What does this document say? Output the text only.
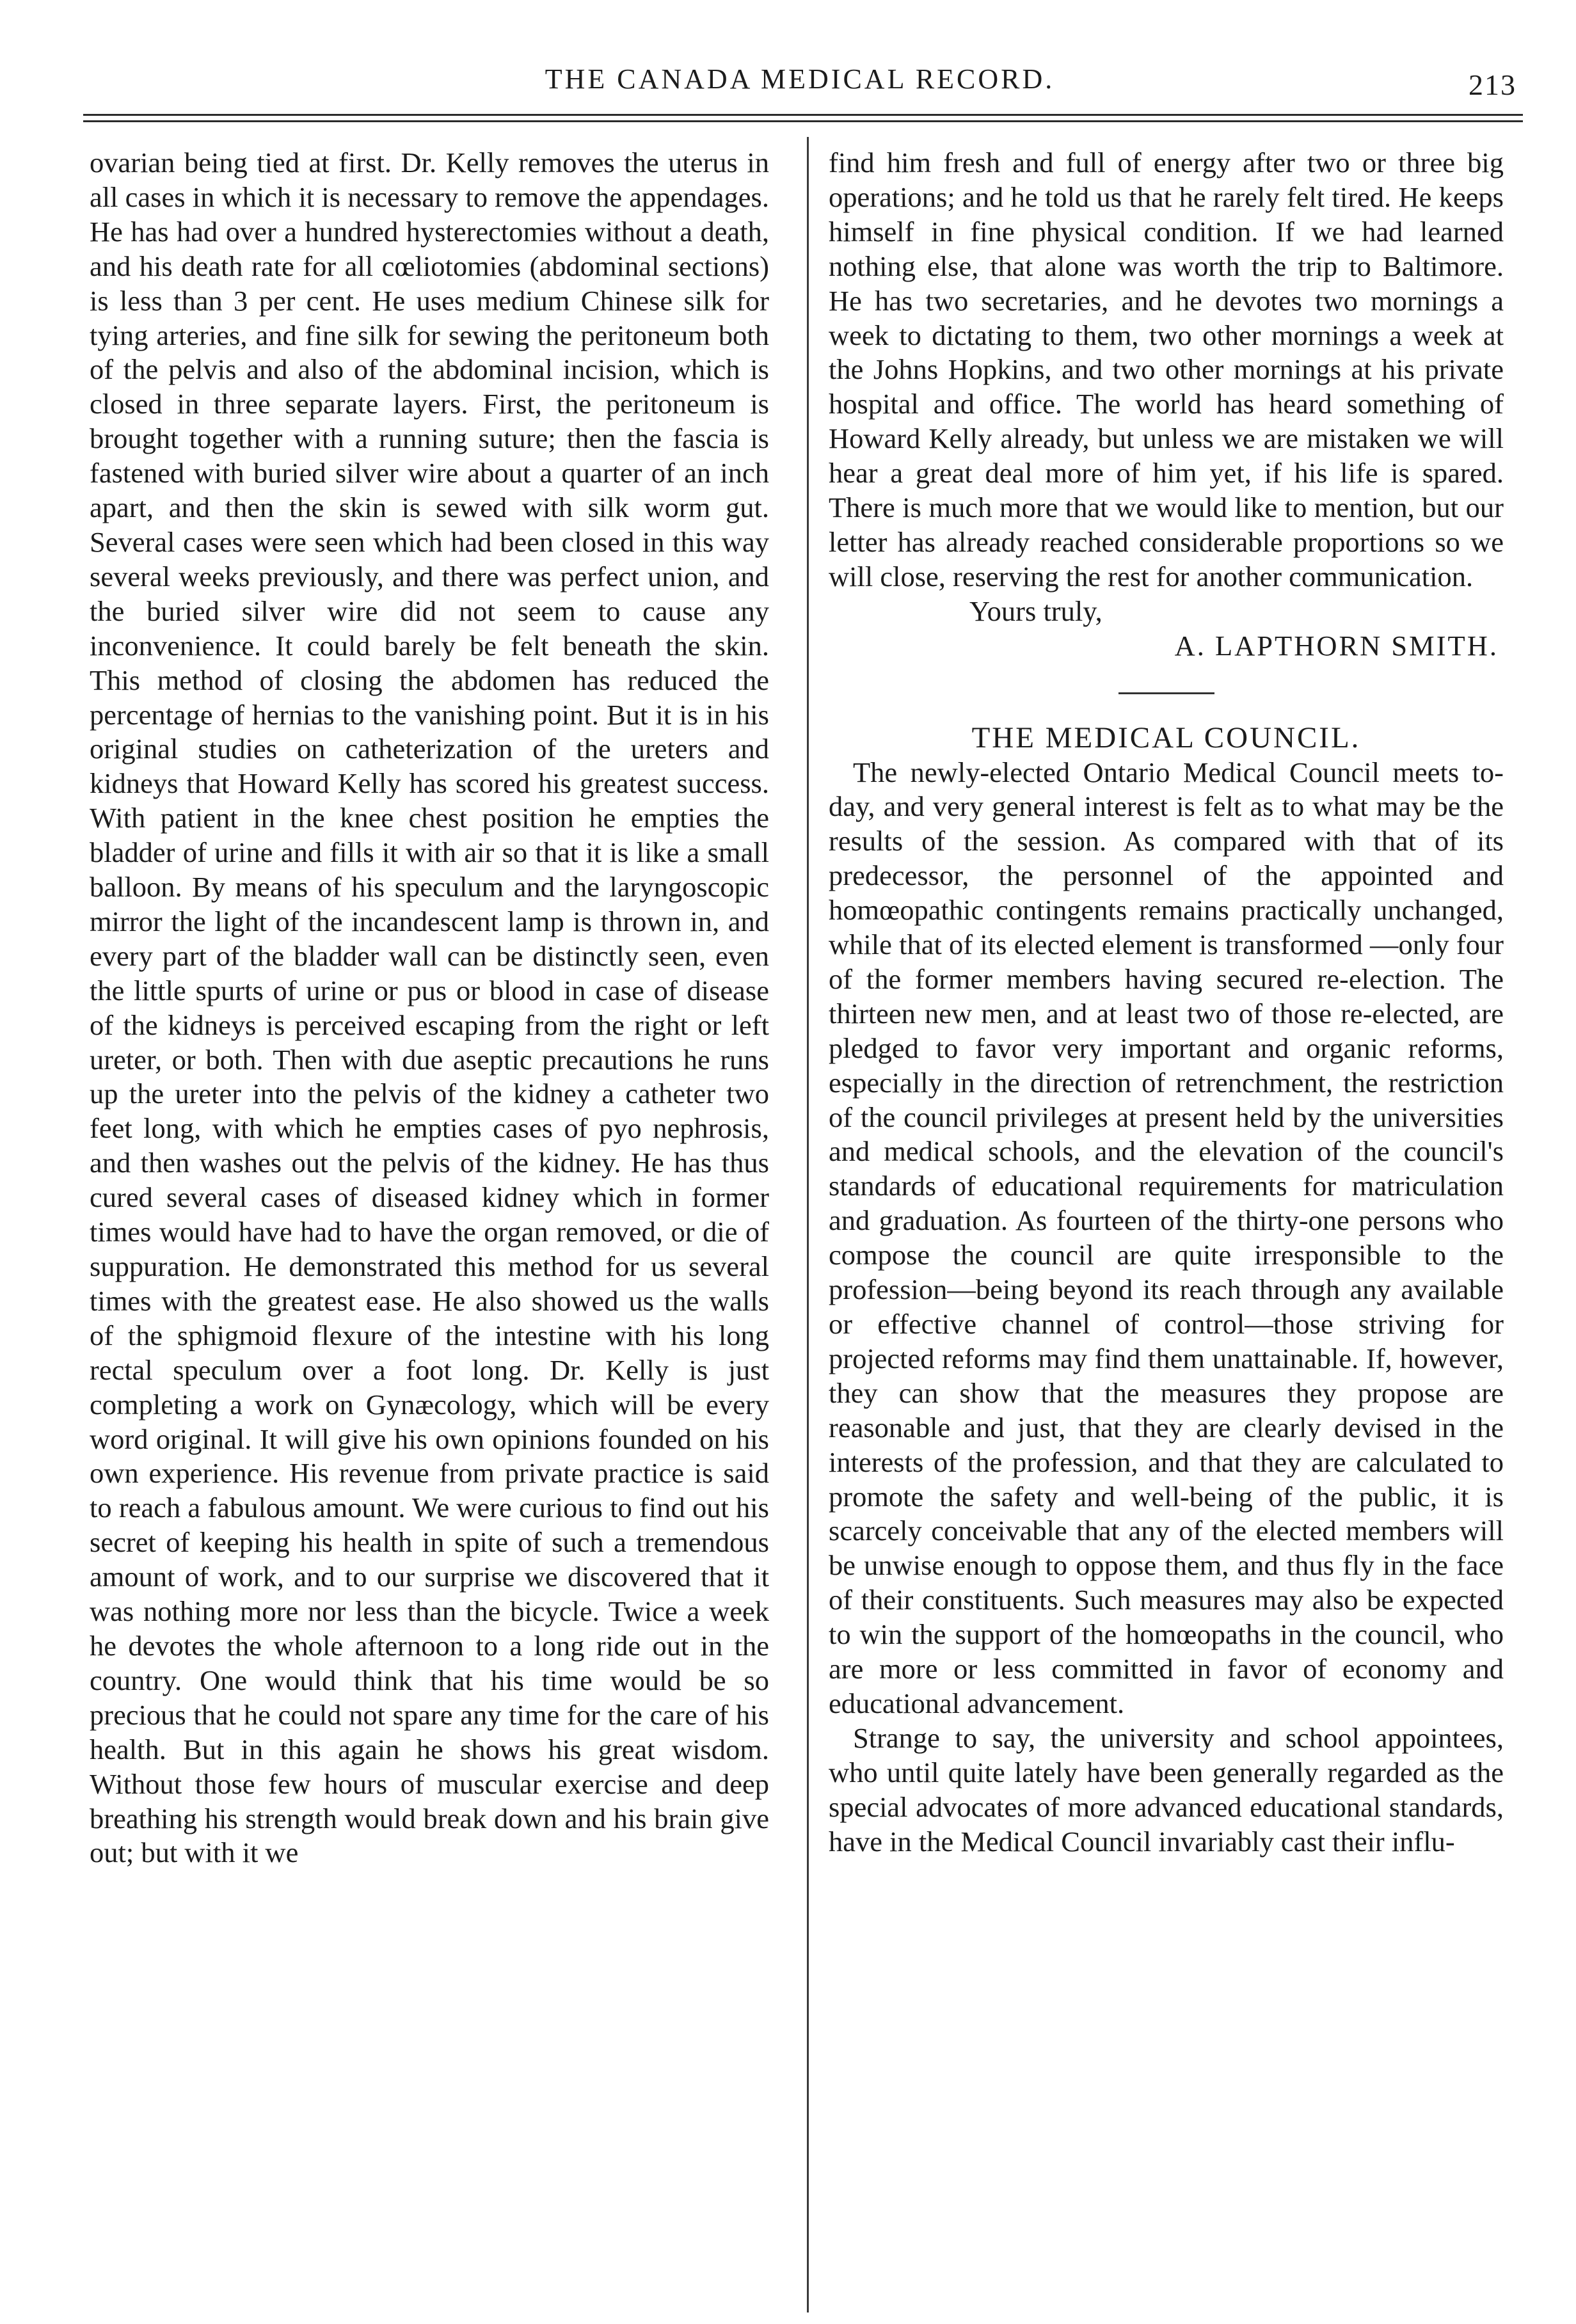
THE CANADA MEDICAL RECORD.	213

ovarian being tied at first. Dr. Kelly removes the uterus in all cases in which it is necessary to remove the appendages. He has had over a hundred hysterectomies without a death, and his death rate for all cœliotomies (abdominal sections) is less than 3 per cent. He uses medium Chinese silk for tying arteries, and fine silk for sewing the peritoneum both of the pelvis and also of the abdominal incision, which is closed in three separate layers. First, the peritoneum is brought together with a running suture; then the fascia is fastened with buried silver wire about a quarter of an inch apart, and then the skin is sewed with silk worm gut. Several cases were seen which had been closed in this way several weeks previously, and there was perfect union, and the buried silver wire did not seem to cause any inconvenience. It could barely be felt beneath the skin. This method of closing the abdomen has reduced the percentage of hernias to the vanishing point. But it is in his original studies on catheterization of the ureters and kidneys that Howard Kelly has scored his greatest success. With patient in the knee chest position he empties the bladder of urine and fills it with air so that it is like a small balloon. By means of his speculum and the laryngoscopic mirror the light of the incandescent lamp is thrown in, and every part of the bladder wall can be distinctly seen, even the little spurts of urine or pus or blood in case of disease of the kidneys is perceived escaping from the right or left ureter, or both. Then with due aseptic precautions he runs up the ureter into the pelvis of the kidney a catheter two feet long, with which he empties cases of pyo nephrosis, and then washes out the pelvis of the kidney. He has thus cured several cases of diseased kidney which in former times would have had to have the organ removed, or die of suppuration. He demonstrated this method for us several times with the greatest ease. He also showed us the walls of the sphigmoid flexure of the intestine with his long rectal speculum over a foot long. Dr. Kelly is just completing a work on Gynæcology, which will be every word original. It will give his own opinions founded on his own experience. His revenue from private practice is said to reach a fabulous amount. We were curious to find out his secret of keeping his health in spite of such a tremendous amount of work, and to our surprise we discovered that it was nothing more nor less than the bicycle. Twice a week he devotes the whole afternoon to a long ride out in the country. One would think that his time would be so precious that he could not spare any time for the care of his health. But in this again he shows his great wisdom. Without those few hours of muscular exercise and deep breathing his strength would break down and his brain give out; but with it we

find him fresh and full of energy after two or three big operations; and he told us that he rarely felt tired. He keeps himself in fine physical condition. If we had learned nothing else, that alone was worth the trip to Baltimore. He has two secretaries, and he devotes two mornings a week to dictating to them, two other mornings a week at the Johns Hopkins, and two other mornings at his private hospital and office. The world has heard something of Howard Kelly already, but unless we are mistaken we will hear a great deal more of him yet, if his life is spared. There is much more that we would like to mention, but our letter has already reached considerable proportions so we will close, reserving the rest for another communication.

Yours truly,

A. LAPTHORN SMITH.

THE MEDICAL COUNCIL.

The newly-elected Ontario Medical Council meets to-day, and very general interest is felt as to what may be the results of the session. As compared with that of its predecessor, the personnel of the appointed and homœopathic contingents remains practically unchanged, while that of its elected element is transformed —only four of the former members having secured re-election. The thirteen new men, and at least two of those re-elected, are pledged to favor very important and organic reforms, especially in the direction of retrenchment, the restriction of the council privileges at present held by the universities and medical schools, and the elevation of the council's standards of educational requirements for matriculation and graduation. As fourteen of the thirty-one persons who compose the council are quite irresponsible to the profession—being beyond its reach through any available or effective channel of control—those striving for projected reforms may find them unattainable. If, however, they can show that the measures they propose are reasonable and just, that they are clearly devised in the interests of the profession, and that they are calculated to promote the safety and well-being of the public, it is scarcely conceivable that any of the elected members will be unwise enough to oppose them, and thus fly in the face of their constituents. Such measures may also be expected to win the support of the homœopaths in the council, who are more or less committed in favor of economy and educational advancement.

Strange to say, the university and school appointees, who until quite lately have been generally regarded as the special advocates of more advanced educational standards, have in the Medical Council invariably cast their influ-
